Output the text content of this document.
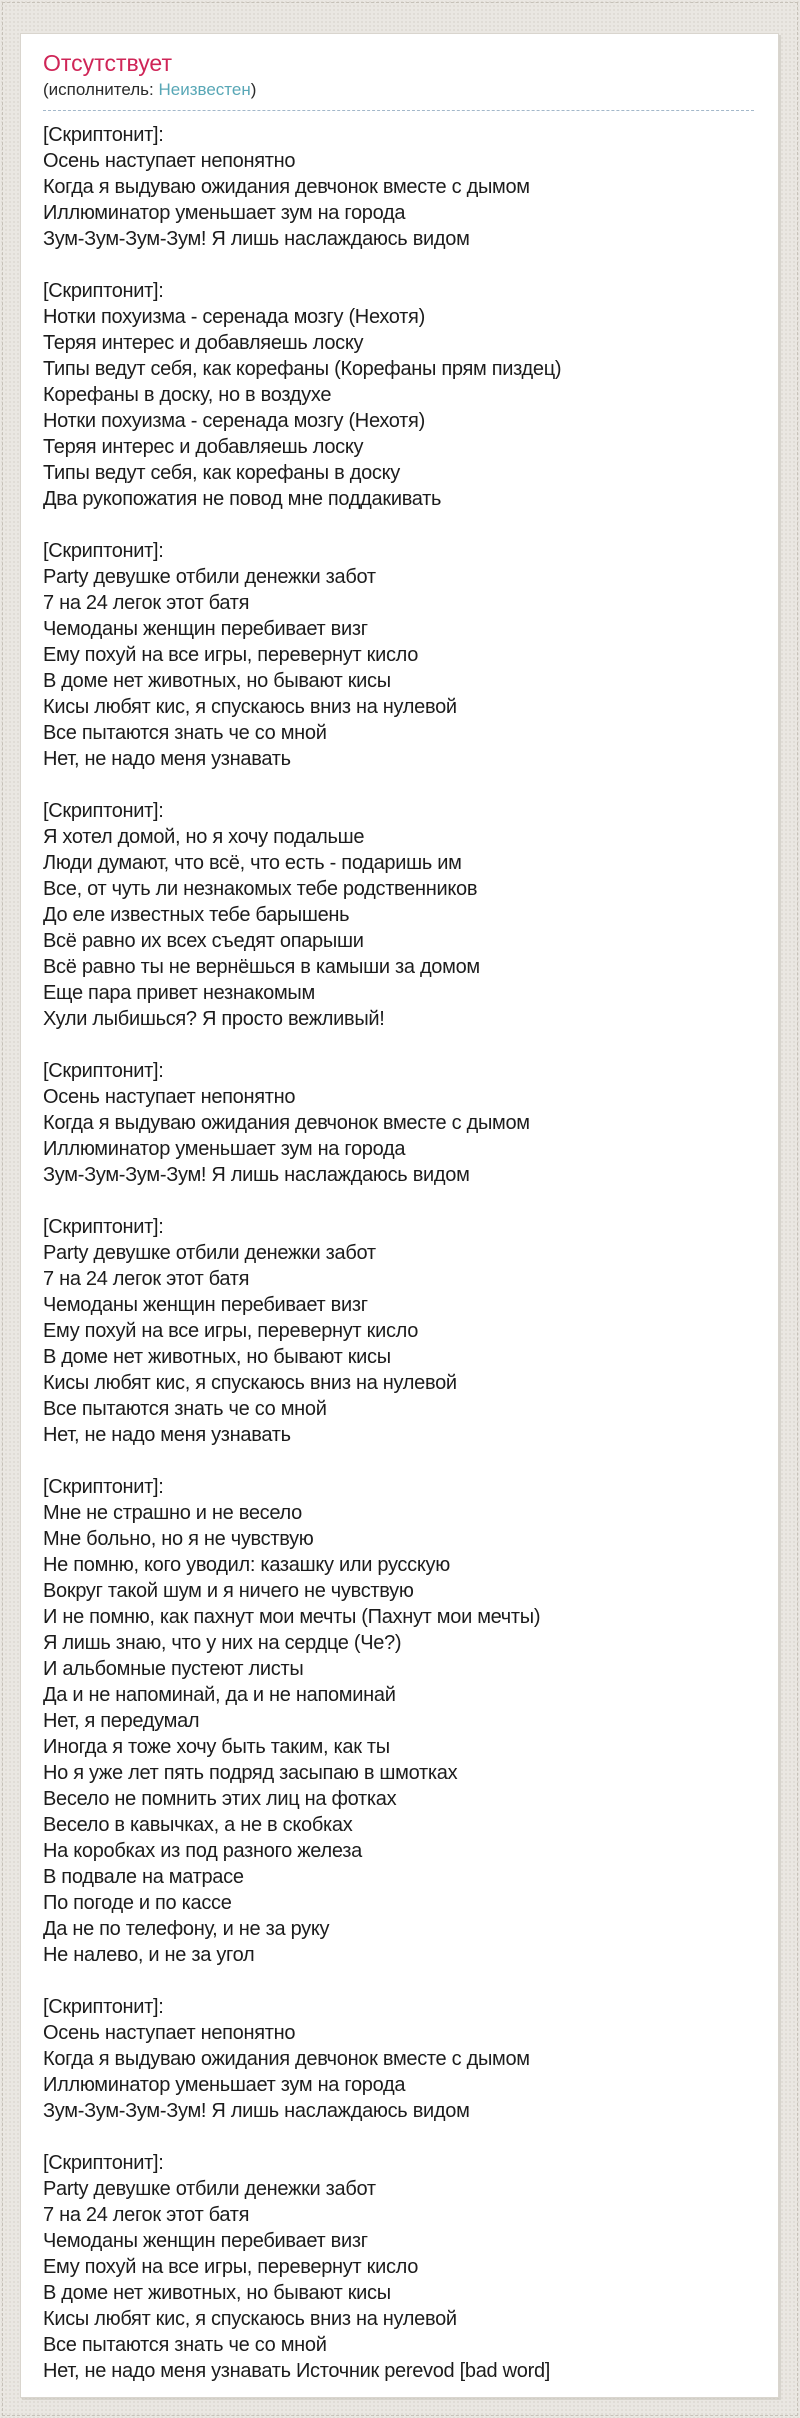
Отсутствует
(исполнитель: Неизвестен)
[Скриптонит]:
Осень наступает непонятно
Когда я выдуваю ожидания девчонок вместе с дымом
Иллюминатор уменьшает зум на города
Зум-Зум-Зум-Зум! Я лишь наслаждаюсь видом
[Скриптонит]:
Нотки похуизма - серенада мозгу (Нехотя)
Теряя интерес и добавляешь лоску
Типы ведут себя, как корефаны (Корефаны прям пиздец)
Корефаны в доску, но в воздухе
Нотки похуизма - серенада мозгу (Нехотя)
Теряя интерес и добавляешь лоску
Типы ведут себя, как корефаны в доску
Два рукопожатия не повод мне поддакивать
[Скриптонит]:
Party девушке отбили денежки забот
7 на 24 легок этот батя
Чемоданы женщин перебивает визг
Ему похуй на все игры, перевернут кисло
В доме нет животных, но бывают кисы
Кисы любят кис, я спускаюсь вниз на нулевой
Все пытаются знать че со мной
Нет, не надо меня узнавать
[Скриптонит]:
Я хотел домой, но я хочу подальше
Люди думают, что всё, что есть - подаришь им
Все, от чуть ли незнакомых тебе родственников
До еле известных тебе барышень
Всё равно их всех съедят опарыши
Всё равно ты не вернёшься в камыши за домом
Еще пара привет незнакомым
Хули лыбишься? Я просто вежливый!
[Скриптонит]:
Осень наступает непонятно
Когда я выдуваю ожидания девчонок вместе с дымом
Иллюминатор уменьшает зум на города
Зум-Зум-Зум-Зум! Я лишь наслаждаюсь видом
[Скриптонит]:
Party девушке отбили денежки забот
7 на 24 легок этот батя
Чемоданы женщин перебивает визг
Ему похуй на все игры, перевернут кисло
В доме нет животных, но бывают кисы
Кисы любят кис, я спускаюсь вниз на нулевой
Все пытаются знать че со мной
Нет, не надо меня узнавать
[Скриптонит]:
Мне не страшно и не весело
Мне больно, но я не чувствую
Не помню, кого уводил: казашку или русскую
Вокруг такой шум и я ничего не чувствую
И не помню, как пахнут мои мечты (Пахнут мои мечты)
Я лишь знаю, что у них на сердце (Че?)
И альбомные пустеют листы
Да и не напоминай, да и не напоминай
Нет, я передумал
Иногда я тоже хочу быть таким, как ты
Но я уже лет пять подряд засыпаю в шмотках
Весело не помнить этих лиц на фотках
Весело в кавычках, а не в скобках
На коробках из под разного железа
В подвале на матрасе
По погоде и по кассе
Да не по телефону, и не за руку
Не налево, и не за угол
[Скриптонит]:
Осень наступает непонятно
Когда я выдуваю ожидания девчонок вместе с дымом
Иллюминатор уменьшает зум на города
Зум-Зум-Зум-Зум! Я лишь наслаждаюсь видом
[Скриптонит]:
Party девушке отбили денежки забот
7 на 24 легок этот батя
Чемоданы женщин перебивает визг
Ему похуй на все игры, перевернут кисло
В доме нет животных, но бывают кисы
Кисы любят кис, я спускаюсь вниз на нулевой
Все пытаются знать че со мной
Нет, не надо меня узнавать Источник perevod [bad word]
